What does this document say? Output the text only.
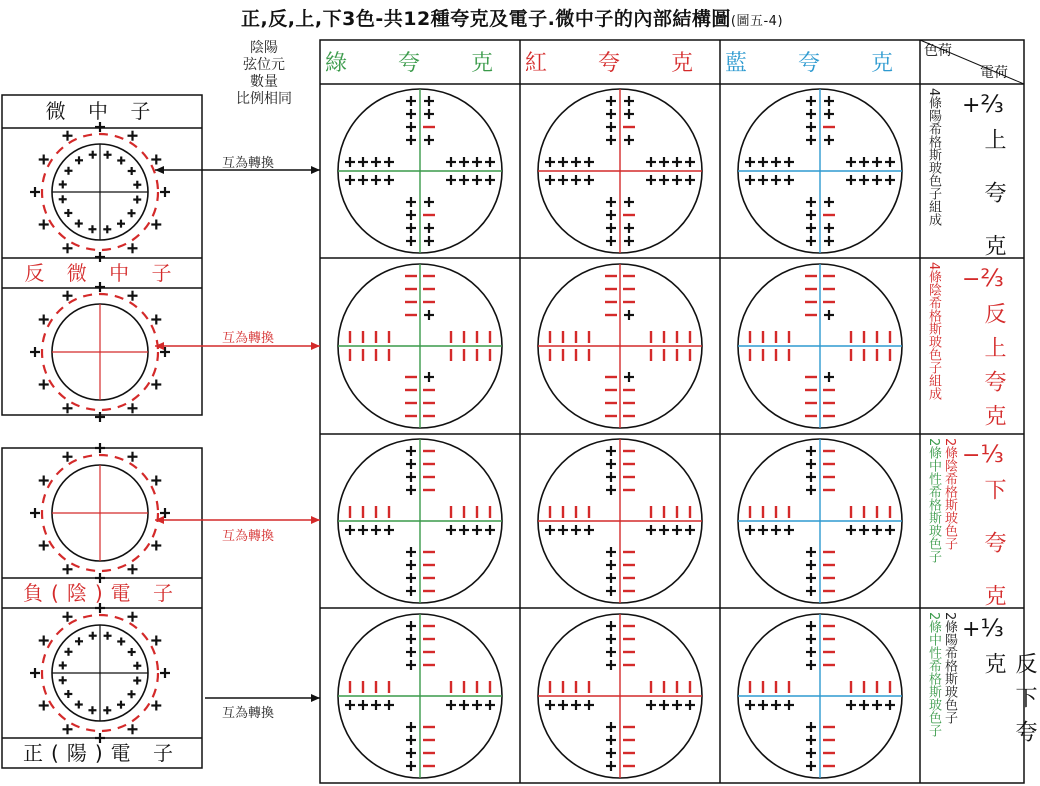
正,反,上,下3色-共12種夸克及電子.微中子的內部結構圖(圖五-4)
陰陽
弦位元
數量
比例相同
綠 夸 克 紅 夸 克 藍 夸 克 色荷
電荷
微 中 子
反 微 中 子
負(陰)電 子
正(陽)電 子
互為轉換
互為轉換
互為轉換
互為轉換
4條陽希格斯玻色子組成 +⅔
上 夸 克
4條陰希格斯玻色子組成 −⅔
反上夸克
2條中性希格斯玻色子 2條陰希格斯玻色子 −⅓
下 夸 克
2條中性希格斯玻色子 2條陽希格斯玻色子 +⅓
反下夸克
